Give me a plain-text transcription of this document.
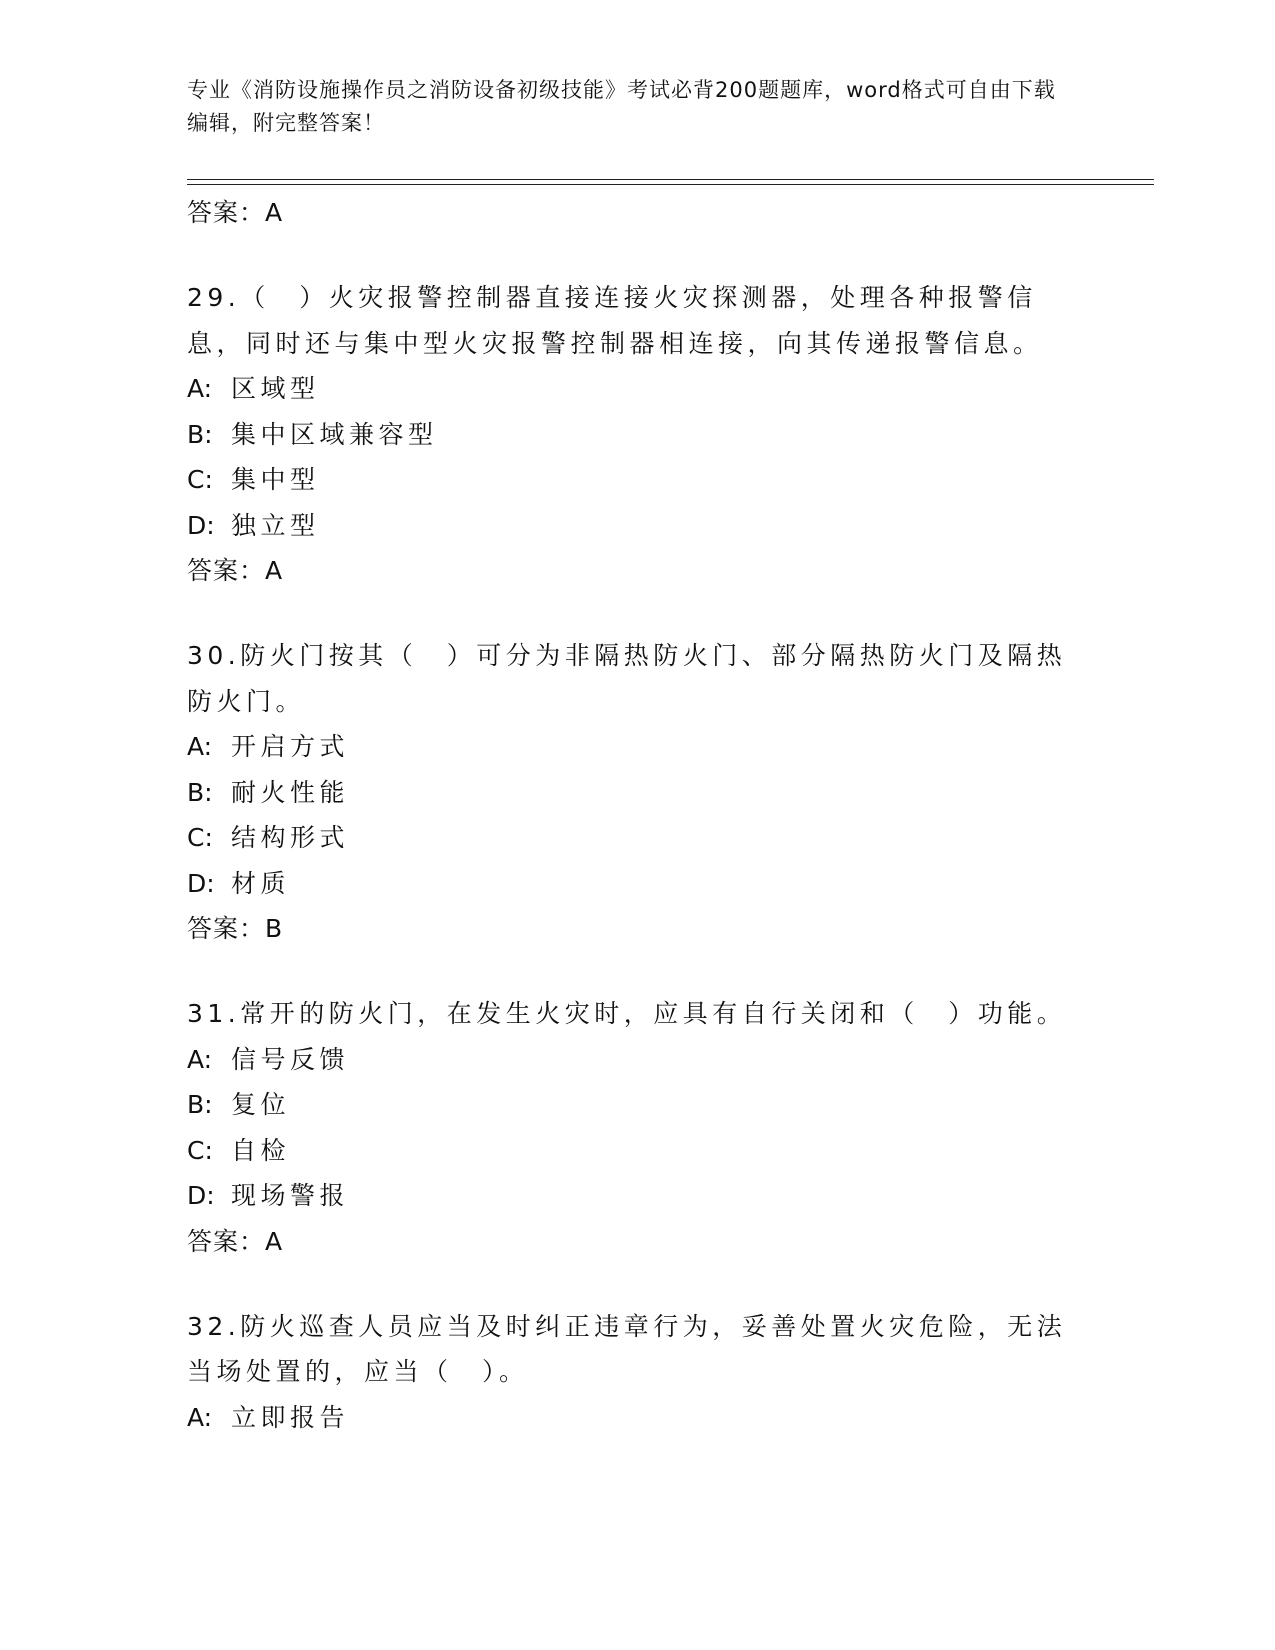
专业《消防设施操作员之消防设备初级技能》考试必背200题题库，word格式可自由下载编辑，附完整答案！
答案：A
29.（　）火灾报警控制器直接连接火灾探测器，处理各种报警信息，同时还与集中型火灾报警控制器相连接，向其传递报警信息。
A: 区域型
B: 集中区域兼容型
C: 集中型
D: 独立型
答案：A
30.防火门按其（　）可分为非隔热防火门、部分隔热防火门及隔热防火门。
A: 开启方式
B: 耐火性能
C: 结构形式
D: 材质
答案：B
31.常开的防火门，在发生火灾时，应具有自行关闭和（　）功能。
A: 信号反馈
B: 复位
C: 自检
D: 现场警报
答案：A
32.防火巡查人员应当及时纠正违章行为，妥善处置火灾危险，无法当场处置的，应当（　）。
A: 立即报告
